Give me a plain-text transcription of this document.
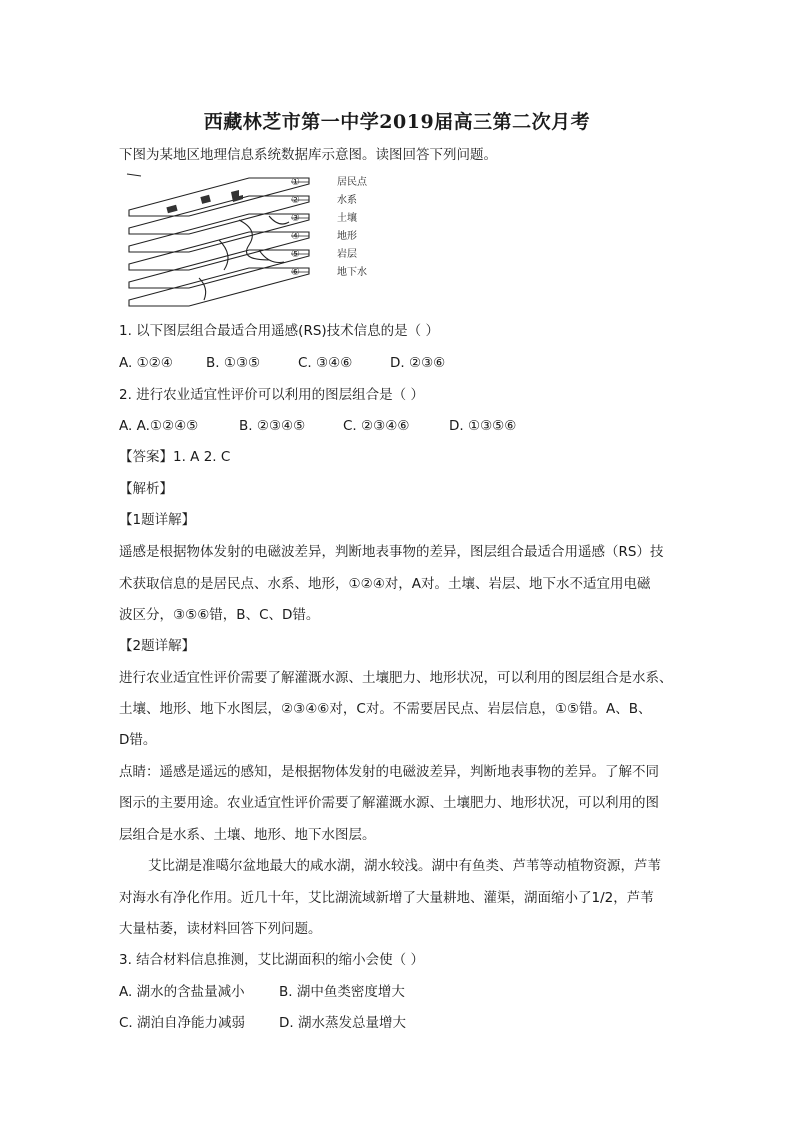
西藏林芝市第一中学2019届高三第二次月考
下图为某地区地理信息系统数据库示意图。读图回答下列问题。
①	居民点
②	水系
③	土壤
④	地形
⑤	岩层
⑥	地下水
1. 以下图层组合最适合用遥感(RS)技术信息的是（ ）
A. ①②④ B. ①③⑤	C. ③④⑥	D. ②③⑥
2. 进行农业适宜性评价可以利用的图层组合是（ ）
A. A.①②④⑤	B. ②③④⑤	C. ②③④⑥	D. ①③⑤⑥
【答案】1. A 2. C
【解析】
【1题详解】
遥感是根据物体发射的电磁波差异，判断地表事物的差异，图层组合最适合用遥感（RS）技
术获取信息的是居民点、水系、地形，①②④对，A对。土壤、岩层、地下水不适宜用电磁
波区分，③⑤⑥错，B、C、D错。
【2题详解】
进行农业适宜性评价需要了解灌溉水源、土壤肥力、地形状况，可以利用的图层组合是水系、
土壤、地形、地下水图层，②③④⑥对，C对。不需要居民点、岩层信息，①⑤错。A、B、
D错。
点睛：遥感是遥远的感知，是根据物体发射的电磁波差异，判断地表事物的差异。了解不同
图示的主要用途。农业适宜性评价需要了解灌溉水源、土壤肥力、地形状况，可以利用的图
层组合是水系、土壤、地形、地下水图层。
艾比湖是准噶尔盆地最大的咸水湖，湖水较浅。湖中有鱼类、芦苇等动植物资源，芦苇
对海水有净化作用。近几十年，艾比湖流域新增了大量耕地、灌渠，湖面缩小了1/2，芦苇
大量枯萎，读材料回答下列问题。
3. 结合材料信息推测，艾比湖面积的缩小会使（ ）
A. 湖水的含盐量减小	B. 湖中鱼类密度增大
C. 湖泊自净能力减弱	D. 湖水蒸发总量增大
